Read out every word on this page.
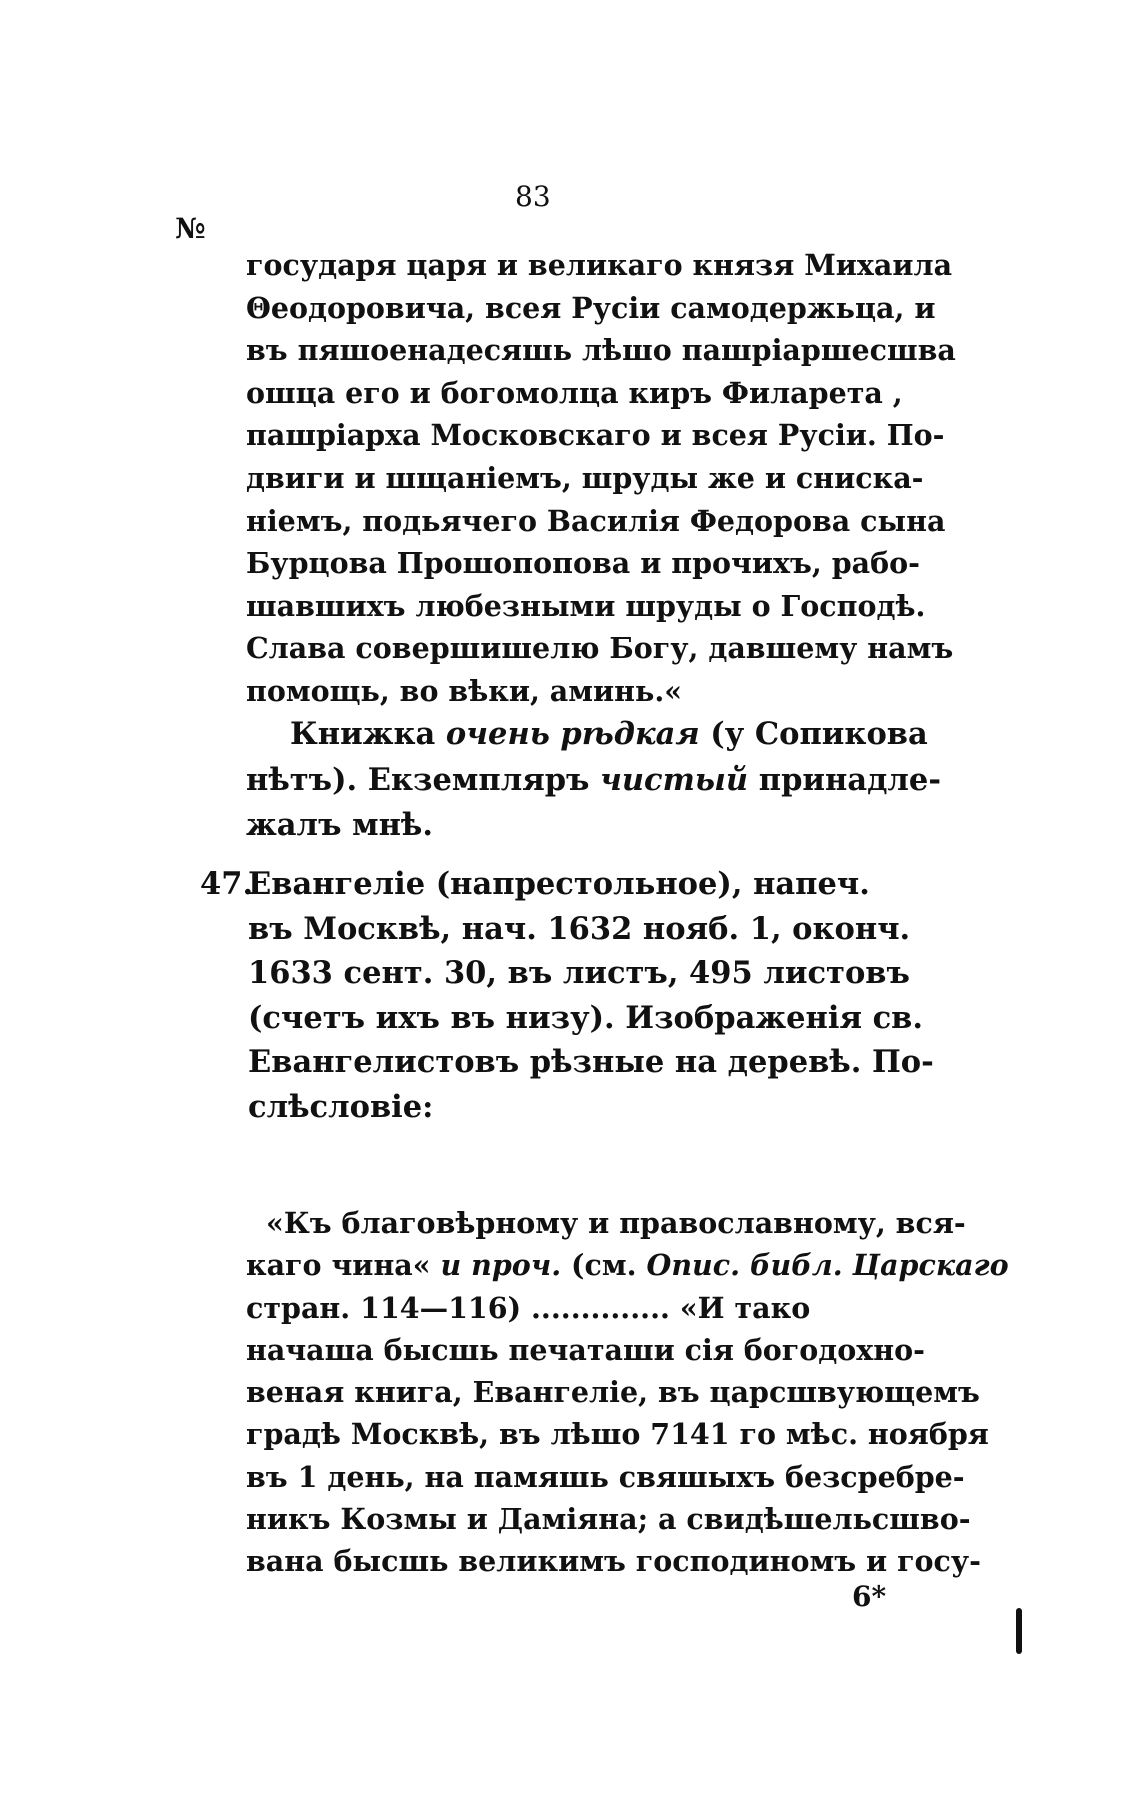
83
№
государя царя и великаго князя Михаила
Θеодоровича, всея Русіи самодержьца, и
въ пяшоенадесяшь лѣшо пашріаршесшва
ошца его и богомолца киръ Филарета ,
пашріарха Московскаго и всея Русіи. По-
двиги и шщаніемъ, шруды же и снискa-
ніемъ, подьячего Василія Федорова сына
Бурцова Прошопопова и прочихъ, рабо-
шавшихъ любезными шруды о Господѣ.
Слава совершишелю Богу, давшему намъ
помощь, во вѣки, аминь.«
Книжка очень рѣдкая (у Сопикова
нѣтъ). Екземпляръ чистый принадле-
жалъ мнѣ.
47.Евангеліе (напрестольное), напеч.
въ Москвѣ, нач. 1632 нояб. 1, оконч.
1633 сент. 30, въ листъ, 495 листовъ
(счетъ ихъ въ низу). Изображенія св.
Евангелистовъ рѣзные на деревѣ. По-
слѣсловіе:
«Къ благовѣрному и православному, вся-
каго чина« и проч. (см. Опис. библ. Царскаго
стран. 114—116) .............. «И тако
начаша бысшь печаташи сія богодохно-
веная книга, Евангеліе, въ царсшвующемъ
градѣ Москвѣ, въ лѣшо 7141 го мѣс. ноября
въ 1 день, на памяшь свяшыхъ безсребре-
никъ Козмы и Даміяна; а свидѣшельсшво-
вана бысшь великимъ господиномъ и госу-
6*
